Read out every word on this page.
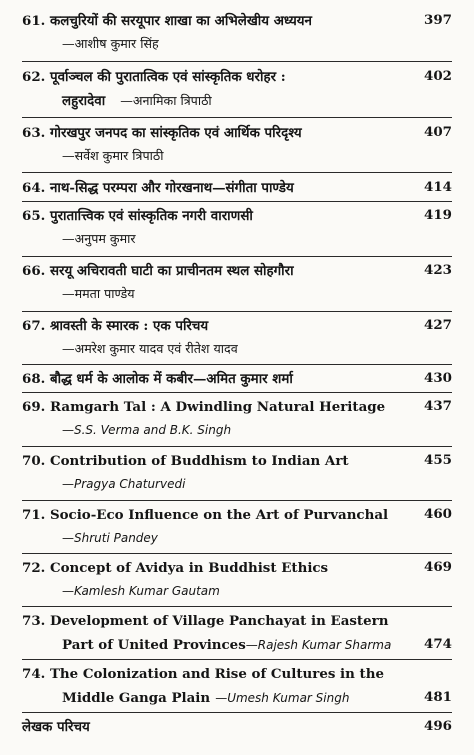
61. कलचुरियों की सरयूपार शाखा का अभिलेखीय अध्ययन	397
—आशीष कुमार सिंह
62. पूर्वाञ्चल की पुरातात्विक एवं सांस्कृतिक धरोहर :	402
लहुरादेवा —अनामिका त्रिपाठी
63. गोरखपुर जनपद का सांस्कृतिक एवं आर्थिक परिदृश्य	407
—सर्वेश कुमार त्रिपाठी
64. नाथ-सिद्ध परम्परा और गोरखनाथ—संगीता पाण्डेय	414
65. पुरातात्त्विक एवं सांस्कृतिक नगरी वाराणसी	419
—अनुपम कुमार
66. सरयू अचिरावती घाटी का प्राचीनतम स्थल सोहगौरा	423
—ममता पाण्डेय
67. श्रावस्ती के स्मारक : एक परिचय	427
—अमरेश कुमार यादव एवं रीतेश यादव
68. बौद्ध धर्म के आलोक में कबीर—अमित कुमार शर्मा	430
69. Ramgarh Tal : A Dwindling Natural Heritage	437
—S.S. Verma and B.K. Singh
70. Contribution of Buddhism to Indian Art	455
—Pragya Chaturvedi
71. Socio-Eco Influence on the Art of Purvanchal	460
—Shruti Pandey
72. Concept of Avidya in Buddhist Ethics	469
—Kamlesh Kumar Gautam
73. Development of Village Panchayat in Eastern
Part of United Provinces—Rajesh Kumar Sharma 474
74. The Colonization and Rise of Cultures in the
Middle Ganga Plain —Umesh Kumar Singh	481
लेखक परिचय	496
